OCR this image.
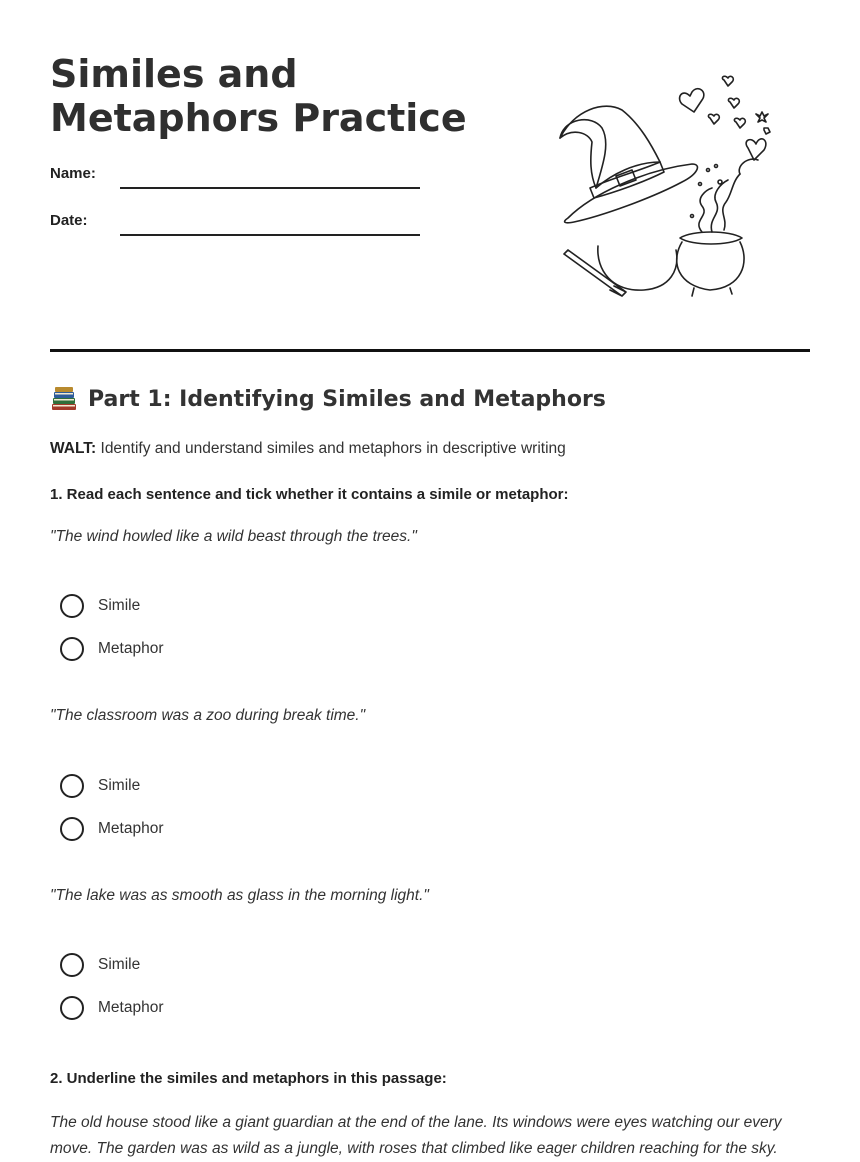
Similes and Metaphors Practice
Name:
Date:
Part 1: Identifying Similes and Metaphors
WALT: Identify and understand similes and metaphors in descriptive writing
1. Read each sentence and tick whether it contains a simile or metaphor:
"The wind howled like a wild beast through the trees."
Simile
Metaphor
"The classroom was a zoo during break time."
Simile
Metaphor
"The lake was as smooth as glass in the morning light."
Simile
Metaphor
2. Underline the similes and metaphors in this passage:

The old house stood like a giant guardian at the end of the lane. Its windows were eyes watching our every move. The garden was as wild as a jungle, with roses that climbed like eager children reaching for the sky.
